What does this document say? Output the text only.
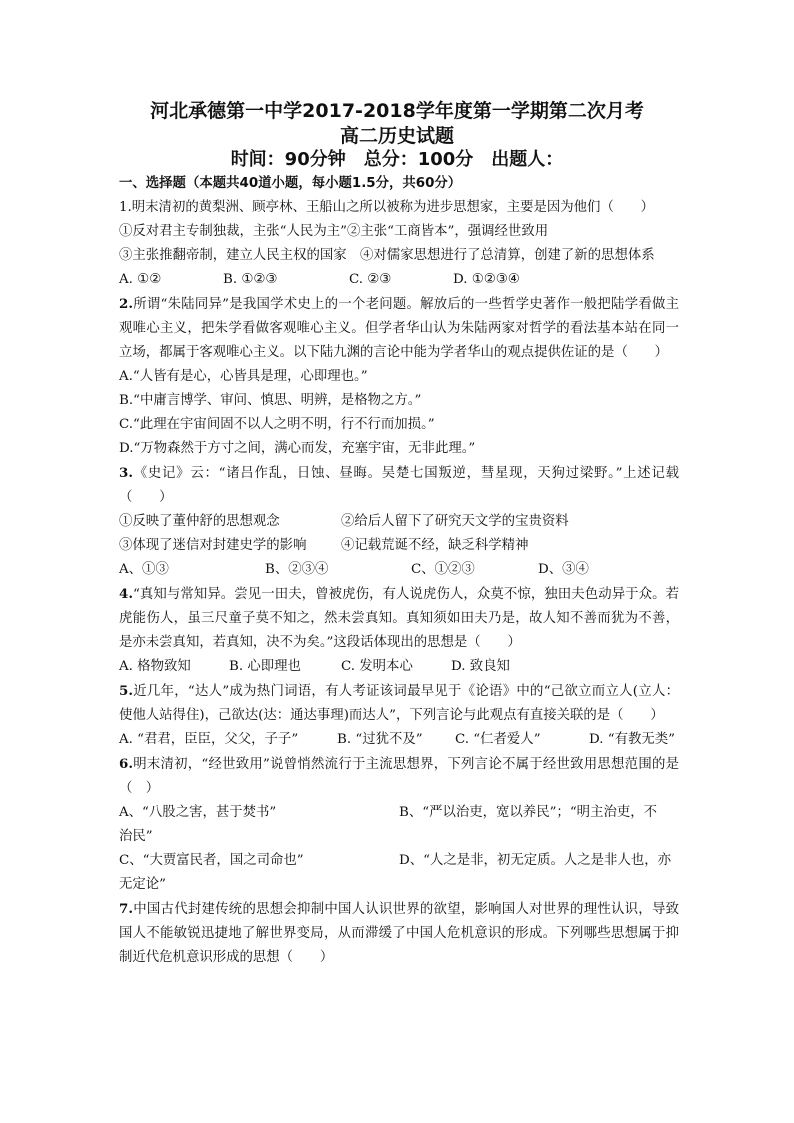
河北承德第一中学2017-2018学年度第一学期第二次月考
高二历史试题
时间：90分钟　总分：100分　出题人：

一、选择题（本题共40道小题，每小题1.5分，共60分）

1.明末清初的黄梨洲、顾亭林、王船山之所以被称为进步思想家，主要是因为他们（　　）

①反对君主专制独裁，主张“人民为主”②主张“工商皆本”，强调经世致用

③主张推翻帝制，建立人民主权的国家　④对儒家思想进行了总清算，创建了新的思想体系

A. ①②	B. ①②③	C. ②③	D. ①②③④

2.所谓“朱陆同异”是我国学术史上的一个老问题。解放后的一些哲学史著作一般把陆学看做主观唯心主义，把朱学看做客观唯心主义。但学者华山认为朱陆两家对哲学的看法基本站在同一立场，都属于客观唯心主义。以下陆九渊的言论中能为学者华山的观点提供佐证的是（　　）

A.“人皆有是心，心皆具是理，心即理也。”

B.“中庸言博学、审问、慎思、明辨，是格物之方。”

C.“此理在宇宙间固不以人之明不明，行不行而加损。”

D.“万物森然于方寸之间，满心而发，充塞宇宙，无非此理。”

3.《史记》云：“诸吕作乱，日蚀、昼晦。吴楚七国叛逆，彗星现，天狗过梁野。”上述记载（　　）

①反映了董仲舒的思想观念	②给后人留下了研究天文学的宝贵资料
③体现了迷信对封建史学的影响	④记载荒诞不经，缺乏科学精神
A、①③	B、②③④	C、①②③	D、③④

4.“真知与常知异。尝见一田夫，曾被虎伤，有人说虎伤人，众莫不惊，独田夫色动异于众。若虎能伤人，虽三尺童子莫不知之，然未尝真知。真知须如田夫乃是，故人知不善而犹为不善，是亦未尝真知，若真知，决不为矣。”这段话体现出的思想是（　　）

A. 格物致知	B. 心即理也	C. 发明本心	D. 致良知

5.近几年，“达人”成为热门词语，有人考证该词最早见于《论语》中的“己欲立而立人(立人：使他人站得住)，己欲达(达：通达事理)而达人”，下列言论与此观点有直接关联的是（　　）

A. “君君，臣臣，父父，子子”	B. “过犹不及”	C. “仁者爱人”	D. “有教无类”

6.明末清初，“经世致用”说曾悄然流行于主流思想界，下列言论不属于经世致用思想范围的是（　）

A、“八股之害，甚于焚书”	B、“严以治吏，宽以养民”；“明主治吏，不

治民”

C、“大贾富民者，国之司命也”	D、“人之是非，初无定质。人之是非人也，亦

无定论”

7.中国古代封建传统的思想会抑制中国人认识世界的欲望，影响国人对世界的理性认识，导致国人不能敏锐迅捷地了解世界变局，从而滞缓了中国人危机意识的形成。下列哪些思想属于抑制近代危机意识形成的思想（　　）
